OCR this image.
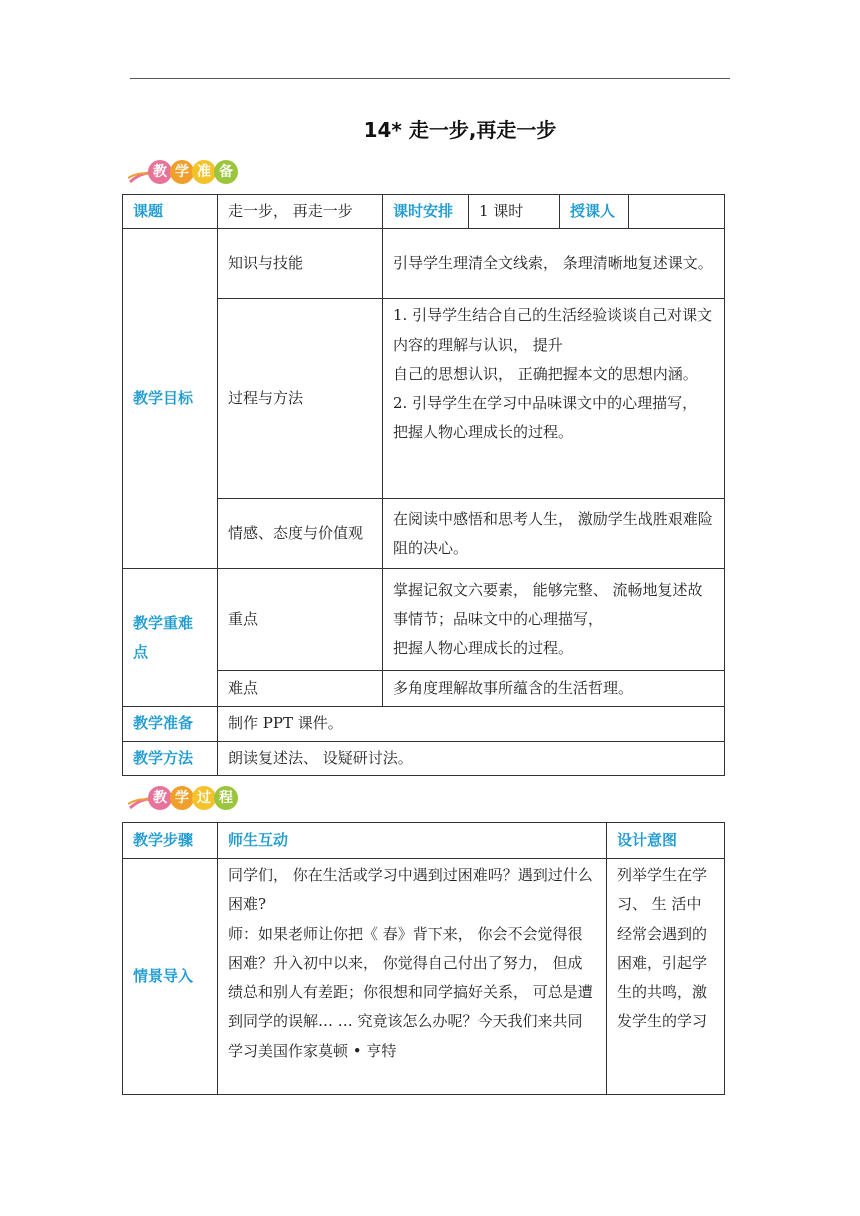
14* 走一步,再走一步
教 学 准 备
课题	走一步， 再走一步	课时安排	1 课时	授课人	
教学目标	知识与技能	引导学生理清全文线索， 条理清晰地复述课文。			
	过程与方法	1. 引导学生结合自己的生活经验谈谈自己对课文内容的理解与认识， 提升
自己的思想认识， 正确把握本文的思想内涵。
2. 引导学生在学习中品味课文中的心理描写， 把握人物心理成长的过程。			

	情感、态度与价值观	在阅读中感悟和思考人生， 激励学生战胜艰难险阻的决心。			
教学重难点	重点	掌握记叙文六要素， 能够完整、 流畅地复述故事情节；品味文中的心理描写，
把握人物心理成长的过程。			

	难点	多角度理解故事所蕴含的生活哲理。			
教学准备	制作 PPT 课件。				
教学方法	朗读复述法、 设疑研讨法。				
教 学 过 程
教学步骤	师生互动	设计意图
情景导入	同学们， 你在生活或学习中遇到过困难吗？遇到过什么困难?
师：如果老师让你把《 春》背下来， 你会不会觉得很困难？升入初中以来， 你觉得自己付出了努力， 但成绩总和别人有差距；你很想和同学搞好关系， 可总是遭到同学的误解… … 究竟该怎么办呢？今天我们来共同学习美国作家莫顿 • 亨特	列举学生在学习、 生 活中经常会遇到的困难，引起学生的共鸣，激 发学生的学习
